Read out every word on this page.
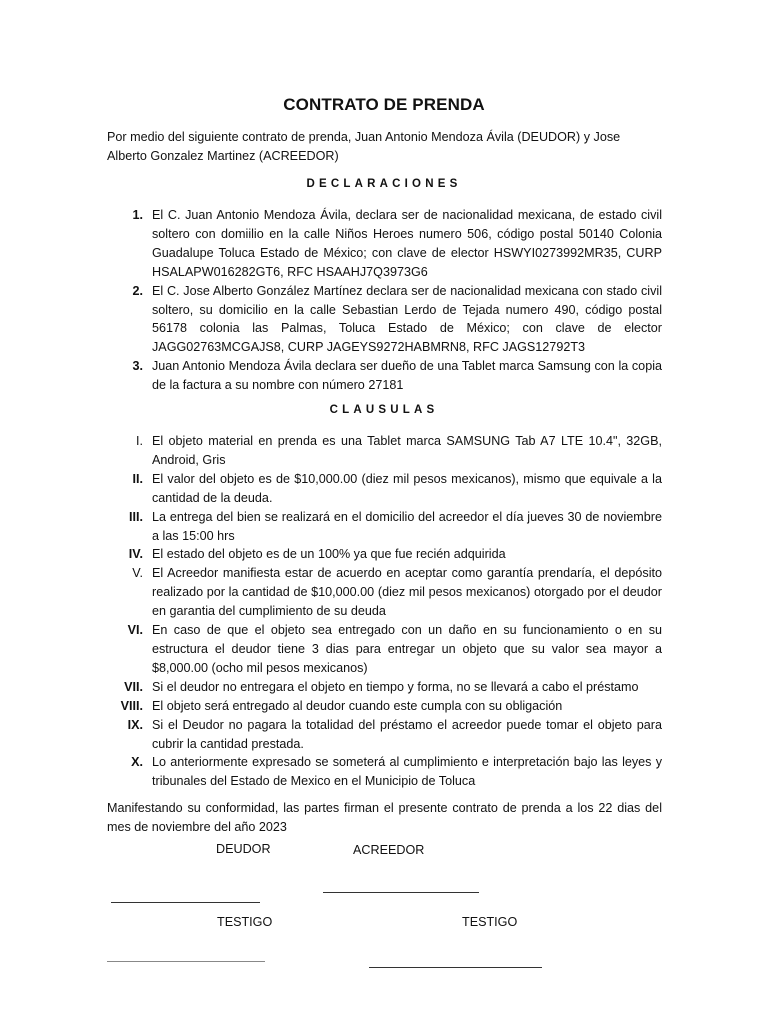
CONTRATO DE PRENDA
Por medio del siguiente contrato de prenda, Juan Antonio Mendoza Ávila (DEUDOR) y Jose Alberto Gonzalez Martinez (ACREEDOR)
DECLARACIONES
1. El C. Juan Antonio Mendoza Ávila, declara ser de nacionalidad mexicana, de estado civil soltero con domiilio en la calle Niños Heroes numero 506, código postal 50140 Colonia Guadalupe Toluca Estado de México; con clave de elector HSWYI0273992MR35, CURP HSALAPW016282GT6, RFC HSAAHJ7Q3973G6
2. El C. Jose Alberto González Martínez declara ser de nacionalidad mexicana con stado civil soltero, su domicilio en la calle Sebastian Lerdo de Tejada numero 490, código postal 56178 colonia las Palmas, Toluca Estado de México; con clave de elector JAGG02763MCGAJS8, CURP JAGEYS9272HABMRN8, RFC JAGS12792T3
3. Juan Antonio Mendoza Ávila declara ser dueño de una Tablet marca Samsung con la copia de la factura a su nombre con número 27181
CLAUSULAS
I. El objeto material en prenda es una Tablet marca SAMSUNG Tab A7 LTE 10.4", 32GB, Android, Gris
II. El valor del objeto es de $10,000.00 (diez mil pesos mexicanos), mismo que equivale a la cantidad de la deuda.
III. La entrega del bien se realizará en el domicilio del acreedor el día jueves 30 de noviembre a las 15:00 hrs
IV. El estado del objeto es de un 100% ya que fue recién adquirida
V. El Acreedor manifiesta estar de acuerdo en aceptar como garantía prendaría, el depósito realizado por la cantidad de $10,000.00 (diez mil pesos mexicanos) otorgado por el deudor en garantia del cumplimiento de su deuda
VI. En caso de que el objeto sea entregado con un daño en su funcionamiento o en su estructura el deudor tiene 3 dias para entregar un objeto que su valor sea mayor a $8,000.00 (ocho mil pesos mexicanos)
VII. Si el deudor no entregara el objeto en tiempo y forma, no se llevará a cabo el préstamo
VIII. El objeto será entregado al deudor cuando este cumpla con su obligación
IX. Si el Deudor no pagara la totalidad del préstamo el acreedor puede tomar el objeto para cubrir la cantidad prestada.
X. Lo anteriormente expresado se someterá al cumplimiento e interpretación bajo las leyes y tribunales del Estado de Mexico en el Municipio de Toluca
Manifestando su conformidad, las partes firman el presente contrato de prenda a los 22 dias del mes de noviembre del año 2023
DEUDOR	ACREEDOR
TESTIGO	TESTIGO
